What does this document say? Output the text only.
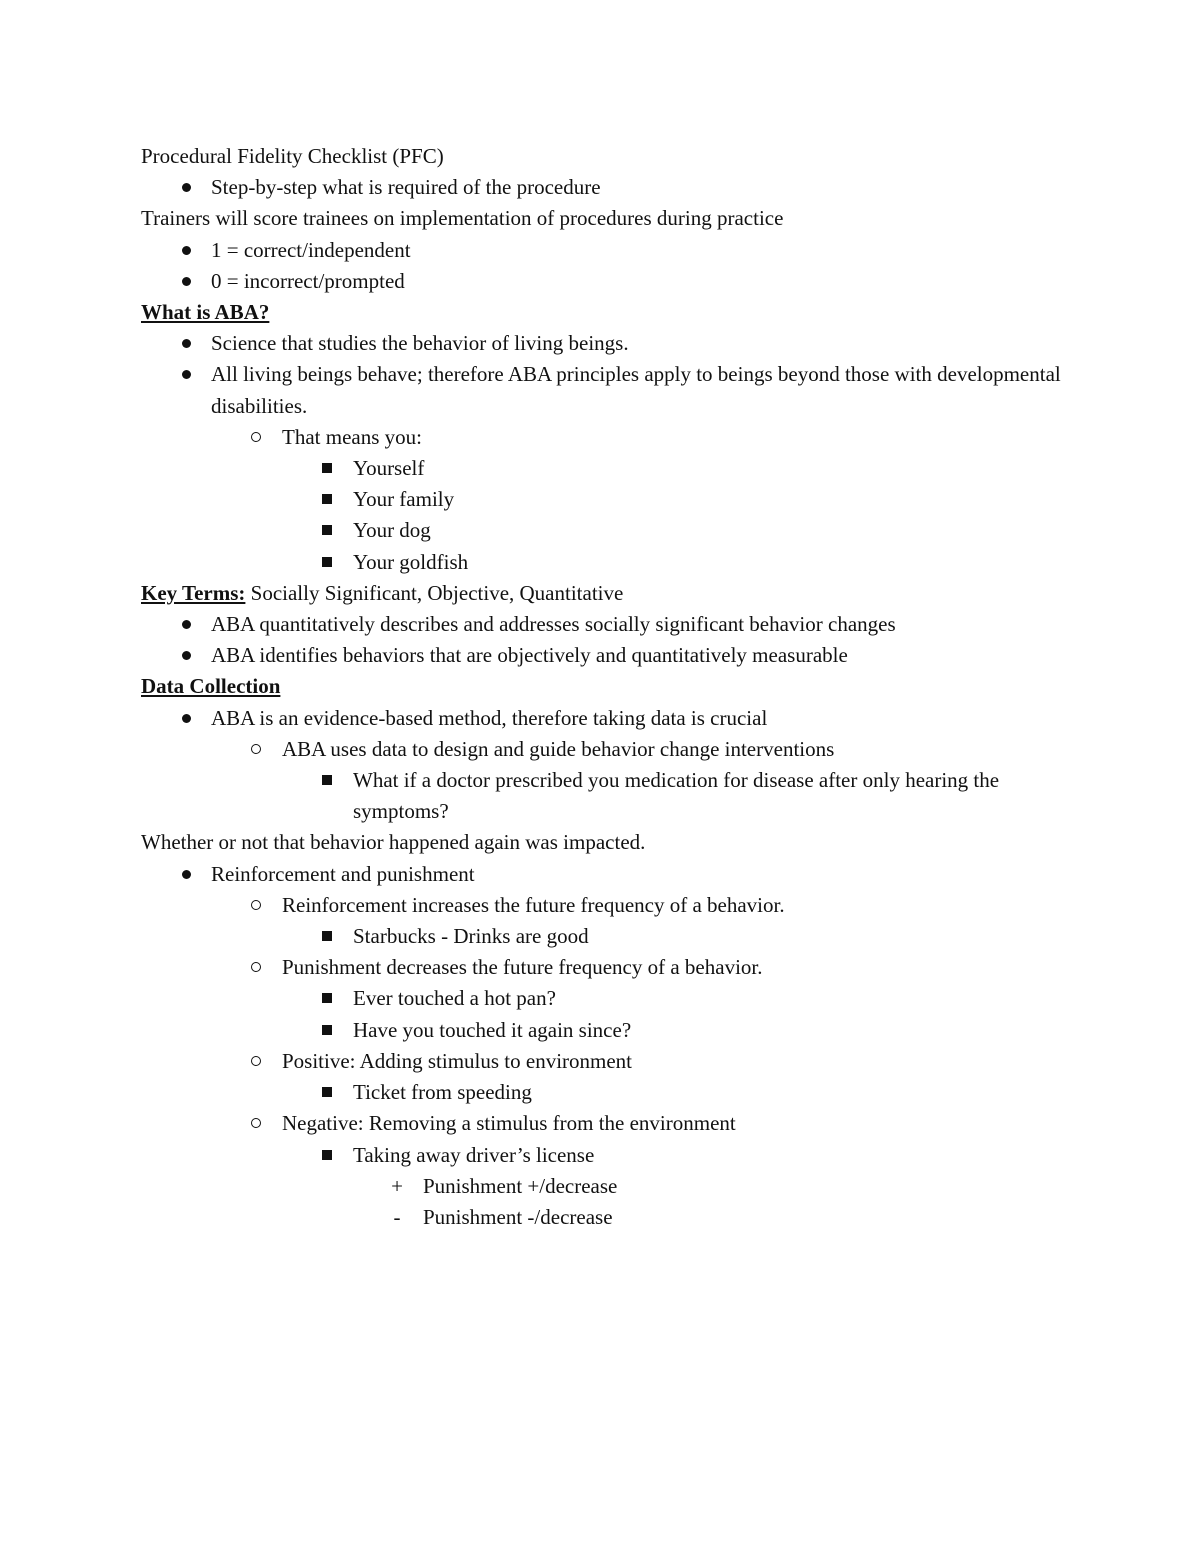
Procedural Fidelity Checklist (PFC)
Step-by-step what is required of the procedure
Trainers will score trainees on implementation of procedures during practice
1 = correct/independent
0 = incorrect/prompted
What is ABA?
Science that studies the behavior of living beings.
All living beings behave; therefore ABA principles apply to beings beyond those with developmental disabilities.
That means you:
Yourself
Your family
Your dog
Your goldfish
Key Terms: Socially Significant, Objective, Quantitative
ABA quantitatively describes and addresses socially significant behavior changes
ABA identifies behaviors that are objectively and quantitatively measurable
Data Collection
ABA is an evidence-based method, therefore taking data is crucial
ABA uses data to design and guide behavior change interventions
What if a doctor prescribed you medication for disease after only hearing the symptoms?
Whether or not that behavior happened again was impacted.
Reinforcement and punishment
Reinforcement increases the future frequency of a behavior.
Starbucks - Drinks are good
Punishment decreases the future frequency of a behavior.
Ever touched a hot pan?
Have you touched it again since?
Positive: Adding stimulus to environment
Ticket from speeding
Negative: Removing a stimulus from the environment
Taking away driver’s license
+ Punishment +/decrease
-	Punishment -/decrease
